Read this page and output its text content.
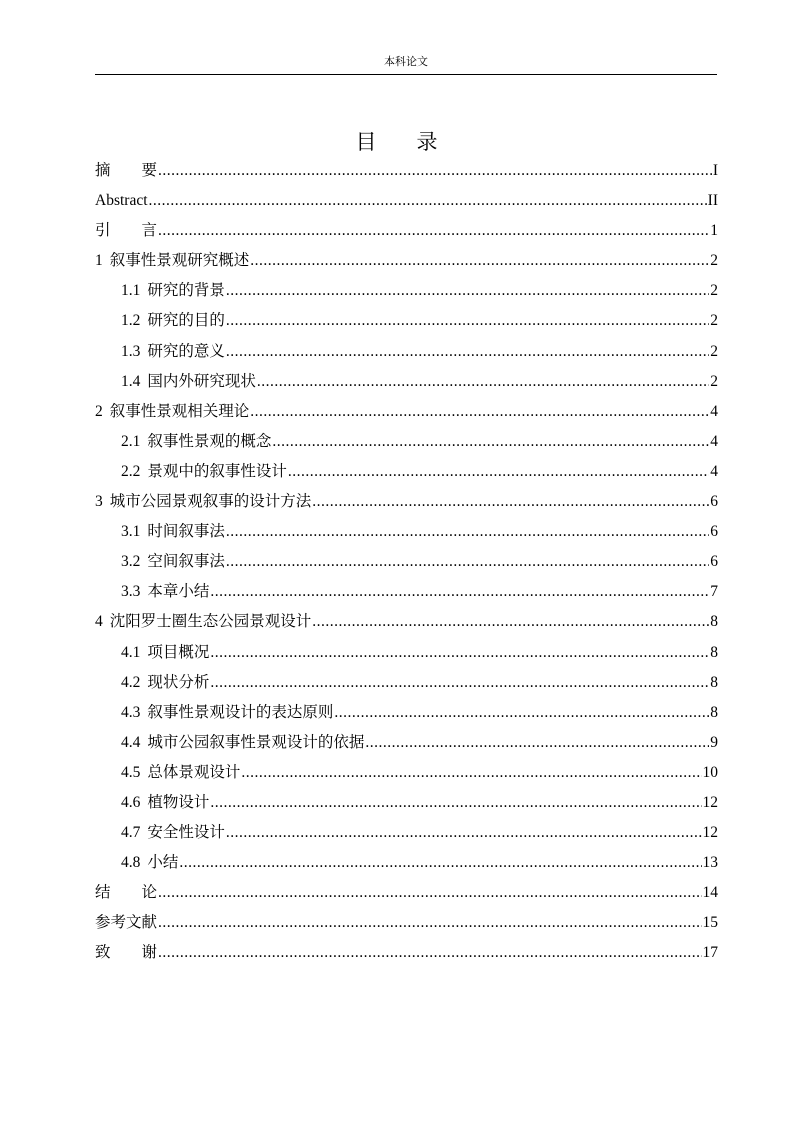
本科论文
目 录
摘　　要 .....	I
Abstract .....	II
引　　言 .....	1
1 叙事性景观研究概述 .....	2
1.1 研究的背景 .....	2
1.2 研究的目的 .....	2
1.3 研究的意义 .....	2
1.4 国内外研究现状 .....	2
2 叙事性景观相关理论 .....	4
2.1 叙事性景观的概念 .....	4
2.2 景观中的叙事性设计 .....	4
3 城市公园景观叙事的设计方法 .....	6
3.1 时间叙事法 .....	6
3.2 空间叙事法 .....	6
3.3 本章小结 .....	7
4 沈阳罗士圈生态公园景观设计 .....	8
4.1 项目概况 .....	8
4.2 现状分析 .....	8
4.3 叙事性景观设计的表达原则 .....	8
4.4 城市公园叙事性景观设计的依据 .....	9
4.5 总体景观设计 .....	10
4.6 植物设计 .....	12
4.7 安全性设计 .....	12
4.8 小结 .....	13
结　　论 .....	14
参考文献 .....	15
致　　谢 .....	17
